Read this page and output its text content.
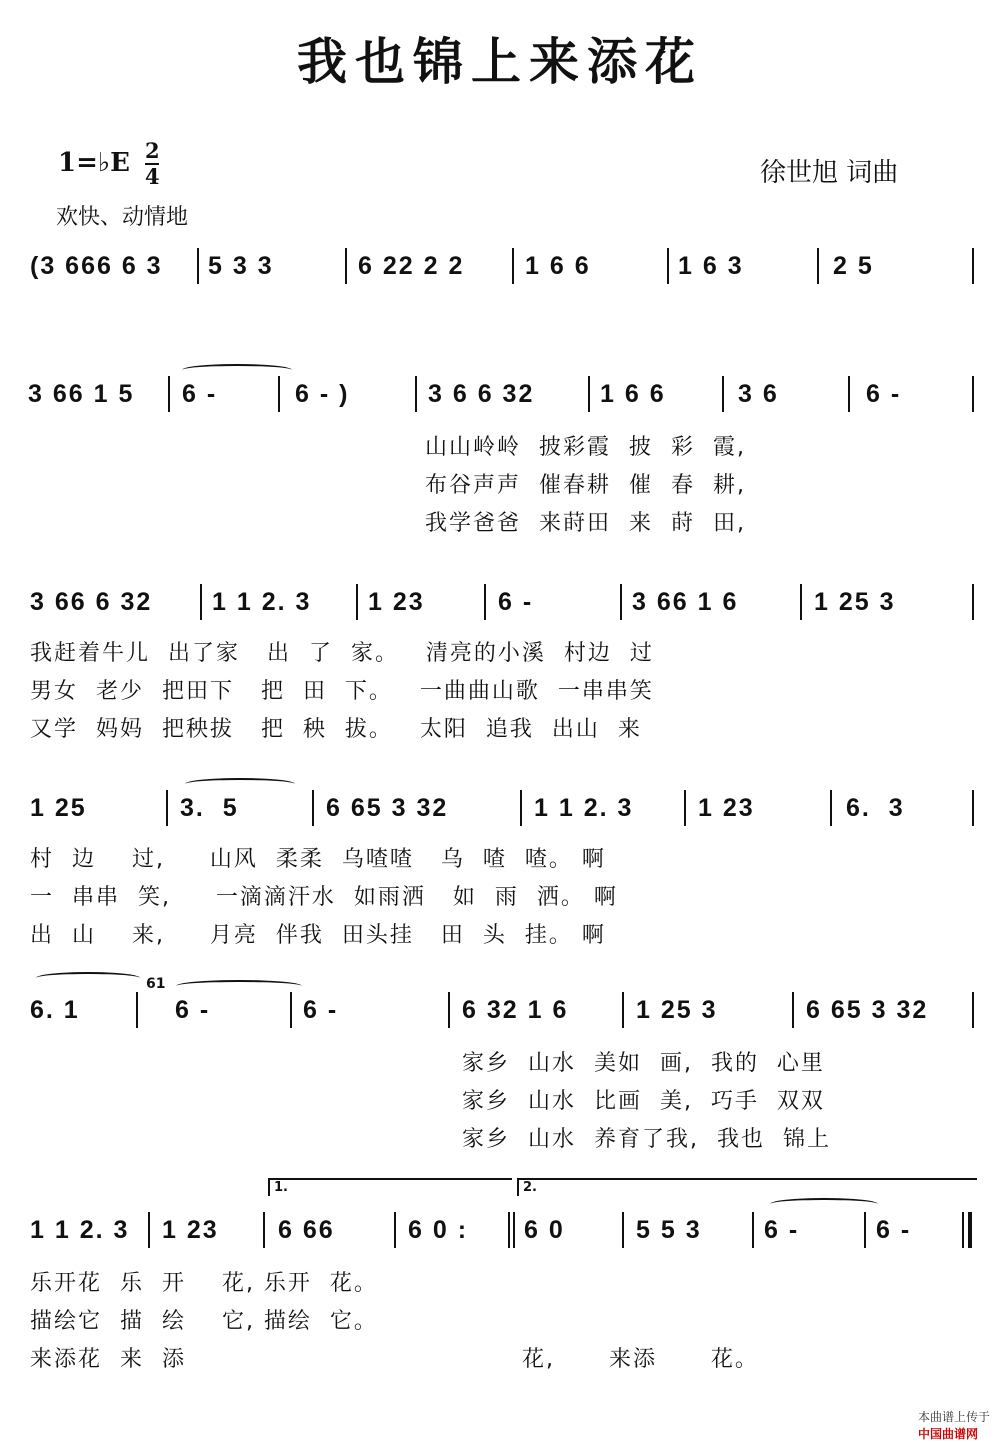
我也锦上来添花
1=♭E 2
4
欢快、动情地
徐世旭 词曲
(3 666 6 3 5 3 3	6 22 2 2 1 6 6	1 6 3	2 5
3 66 1 5 6 -	6 - )	3 6 6 32	1 6 6	3 6	6 -
山山岭岭  披彩霞  披  彩  霞,
布谷声声  催春耕  催  春  耕,
我学爸爸  来莳田  来  莳  田,
3 66 6 32 1 1 2. 3 1 23	6 -	3 66 1 6	1 25 3
我赶着牛儿  出了家   出  了  家。   清亮的小溪  村边  过
男女  老少  把田下   把  田  下。   一曲曲山歌  一串串笑
又学  妈妈  把秧拔   把  秧  拔。   太阳  追我  出山  来
1 25	3.  5	6 65 3 32	1 1 2. 3	1 23	6.  3
村  边    过,     山风  柔柔  乌喳喳   乌  喳  喳。 啊
一  串串  笑,     一滴滴汗水  如雨洒   如  雨  洒。 啊
出  山    来,     月亮  伴我  田头挂   田  头  挂。 啊
6. 1
61
6 -	6 -	6 32 1 6	1 25 3	6 65 3 32
家乡  山水  美如  画,  我的  心里
家乡  山水  比画  美,  巧手  双双
家乡  山水  养育了我,  我也  锦上

1.

	2.

1 1 2. 3 1 23 6 66	6 0 : 6 0	5 5 3 6 -	6 -
乐开花  乐  开    花, 乐开  花。
描绘它  描  绘    它, 描绘  它。
来添花  来  添	花,      来添      花。

本曲谱上传于
中国曲谱网
